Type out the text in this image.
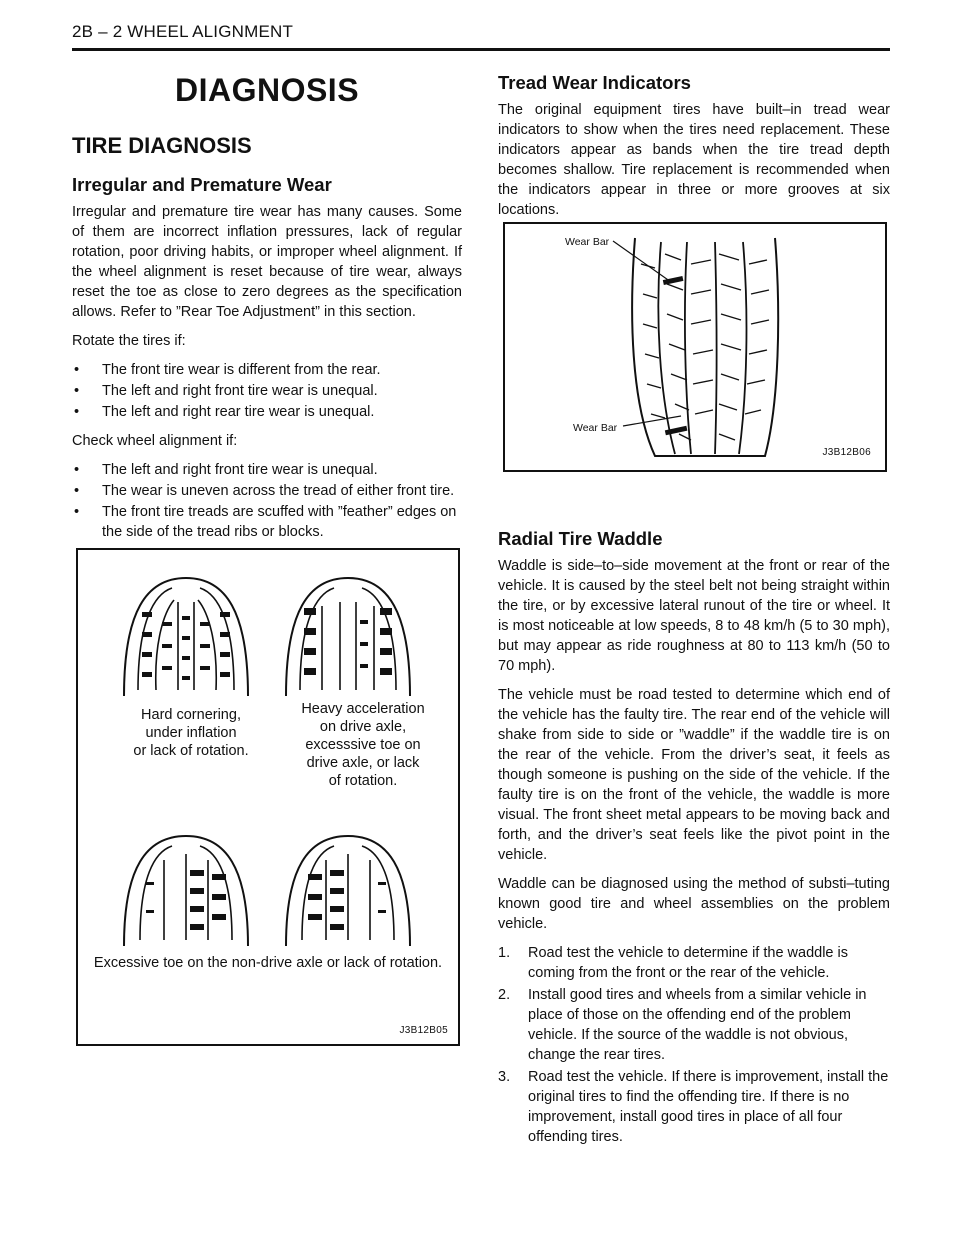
2B – 2 WHEEL ALIGNMENT
DIAGNOSIS
TIRE DIAGNOSIS
Irregular and Premature Wear

Irregular and premature tire wear has many causes. Some of them are incorrect inflation pressures, lack of regular rotation, poor driving habits, or improper wheel alignment. If the wheel alignment is reset because of tire wear, always reset the toe as close to zero degrees as the specification allows. Refer to ”Rear Toe Adjustment” in this section.

Rotate the tires if:

• The front tire wear is different from the rear.
• The left and right front tire wear is unequal.
• The left and right rear tire wear is unequal.

Check wheel alignment if:

• The left and right front tire wear is unequal.
• The wear is uneven across the tread of either front tire.
• The front tire treads are scuffed with ”feather” edges on the side of the tread ribs or blocks.
Hard cornering,
under inflation
or lack of rotation.
Heavy acceleration
on drive axle,
excesssive toe on
drive axle, or lack
of rotation.
Excessive toe on the non-drive axle or lack of rotation.
J3B12B05
Tread Wear Indicators

The original equipment tires have built–in tread wear indicators to show when the tires need replacement. These indicators appear as bands when the tire tread depth becomes shallow. Tire replacement is recommended when the indicators appear in three or more grooves at six locations.

Radial Tire Waddle

Waddle is side–to–side movement at the front or rear of the vehicle. It is caused by the steel belt not being straight within the tire, or by excessive lateral runout of the tire or wheel. It is most noticeable at low speeds, 8 to 48 km/h (5 to 30 mph), but may appear as ride roughness at 80 to 113 km/h (50 to 70 mph).

The vehicle must be road tested to determine which end of the vehicle has the faulty tire. The rear end of the vehicle will shake from side to side or ”waddle” if the waddle tire is on the rear of the vehicle. From the driver’s seat, it feels as though someone is pushing on the side of the vehicle. If the faulty tire is on the front of the vehicle, the waddle is more visual. The front sheet metal appears to be moving back and forth, and the driver’s seat feels like the pivot point in the vehicle.

Waddle can be diagnosed using the method of substi–tuting known good tire and wheel assemblies on the problem vehicle.

1. Road test the vehicle to determine if the waddle is coming from the front or the rear of the vehicle.
2. Install good tires and wheels from a similar vehicle in place of those on the offending end of the problem vehicle. If the source of the waddle is not obvious, change the rear tires.
3. Road test the vehicle. If there is improvement, install the original tires to find the offending tire. If there is no improvement, install good tires in place of all four offending tires.
Wear Bar
Wear Bar
J3B12B06
